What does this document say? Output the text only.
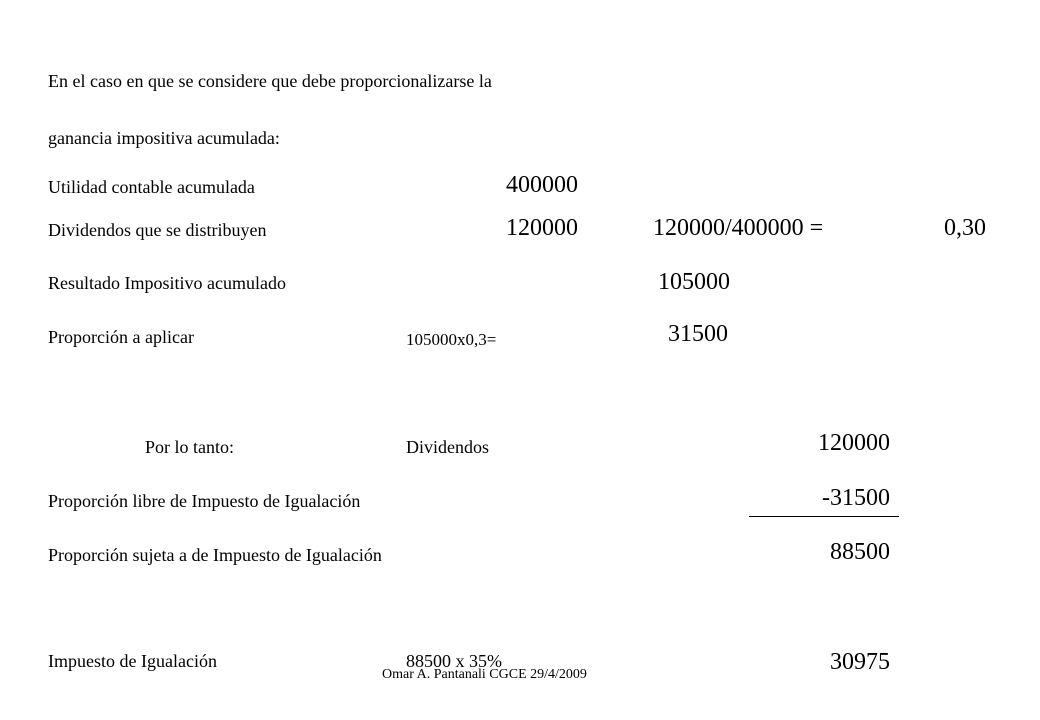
En el caso en que se considere que debe proporcionalizarse la
ganancia impositiva acumulada:
Utilidad contable acumulada	400000
Dividendos que se distribuyen	120000	120000/400000 =	0,30
Resultado Impositivo acumulado	105000
Proporción a aplicar	105000x0,3=	31500
Por lo tanto:	Dividendos	120000
Proporción libre de Impuesto de Igualación	-31500
Proporción sujeta a de Impuesto de Igualación	88500
Impuesto de Igualación	88500 x 35%	30975
Omar A. Pantanali CGCE 29/4/2009
